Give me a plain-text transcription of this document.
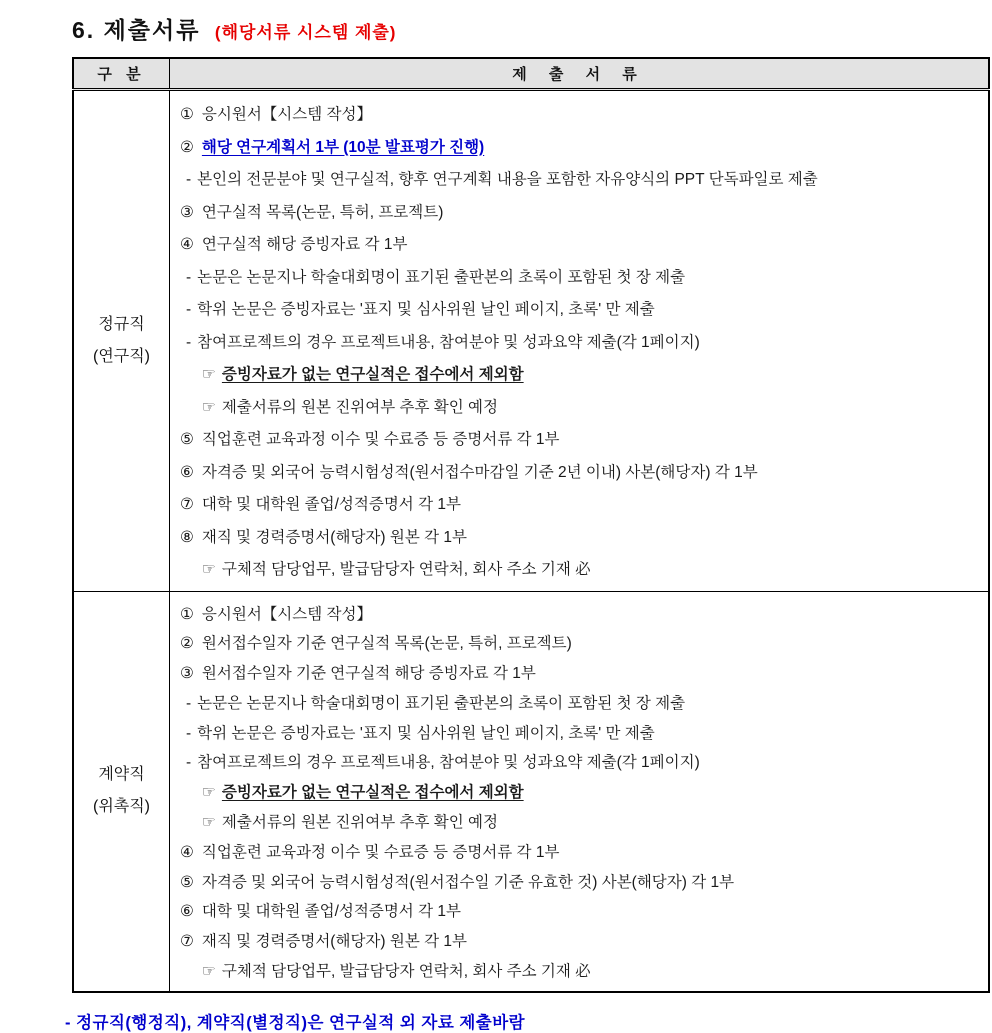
6. 제출서류 (해당서류 시스템 제출)
구 분	제 출 서 류

정규직
(연구직)

① 응시원서【시스템 작성】
② 해당 연구계획서 1부 (10분 발표평가 진행)
- 본인의 전문분야 및 연구실적, 향후 연구계획 내용을 포함한 자유양식의 PPT 단독파일로 제출
③ 연구실적 목록(논문, 특허, 프로젝트)
④ 연구실적 해당 증빙자료 각 1부
- 논문은 논문지나 학술대회명이 표기된 출판본의 초록이 포함된 첫 장 제출
- 학위 논문은 증빙자료는 '표지 및 심사위원 날인 페이지, 초록' 만 제출
- 참여프로젝트의 경우 프로젝트내용, 참여분야 및 성과요약 제출(각 1페이지)
☞ 증빙자료가 없는 연구실적은 접수에서 제외함
☞ 제출서류의 원본 진위여부 추후 확인 예정
⑤ 직업훈련 교육과정 이수 및 수료증 등 증명서류 각 1부
⑥ 자격증 및 외국어 능력시험성적(원서접수마감일 기준 2년 이내) 사본(해당자) 각 1부
⑦ 대학 및 대학원 졸업/성적증명서 각 1부
⑧ 재직 및 경력증명서(해당자) 원본 각 1부
☞ 구체적 담당업무, 발급담당자 연락처, 회사 주소 기재 必

계약직
(위촉직)

① 응시원서【시스템 작성】
② 원서접수일자 기준 연구실적 목록(논문, 특허, 프로젝트)
③ 원서접수일자 기준 연구실적 해당 증빙자료 각 1부
- 논문은 논문지나 학술대회명이 표기된 출판본의 초록이 포함된 첫 장 제출
- 학위 논문은 증빙자료는 '표지 및 심사위원 날인 페이지, 초록' 만 제출
- 참여프로젝트의 경우 프로젝트내용, 참여분야 및 성과요약 제출(각 1페이지)
☞ 증빙자료가 없는 연구실적은 접수에서 제외함
☞ 제출서류의 원본 진위여부 추후 확인 예정
④ 직업훈련 교육과정 이수 및 수료증 등 증명서류 각 1부
⑤ 자격증 및 외국어 능력시험성적(원서접수일 기준 유효한 것) 사본(해당자) 각 1부
⑥ 대학 및 대학원 졸업/성적증명서 각 1부
⑦ 재직 및 경력증명서(해당자) 원본 각 1부
☞ 구체적 담당업무, 발급담당자 연락처, 회사 주소 기재 必
- 정규직(행정직), 계약직(별정직)은 연구실적 외 자료 제출바람
